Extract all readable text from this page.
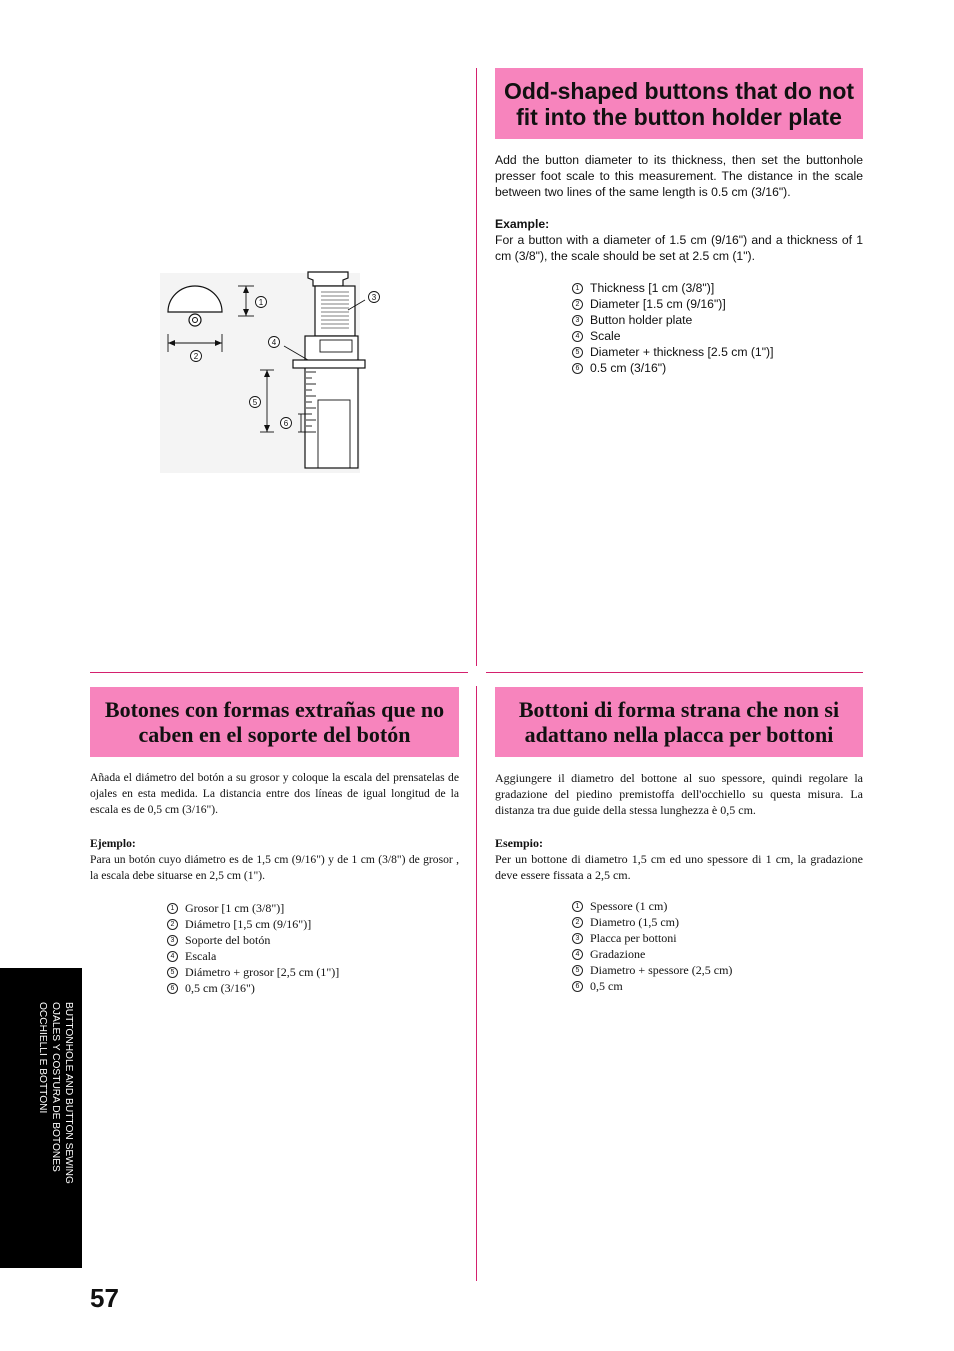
Odd-shaped buttons that do not fit into the button holder plate
Add the button diameter to its thickness, then set the buttonhole presser foot scale to this measurement. The distance in the scale between two lines of the same length is 0.5 cm (3/16").
Example:
For a button with a diameter of 1.5 cm (9/16") and a thickness of 1 cm (3/8"), the scale should be set at 2.5 cm (1").
1 Thickness [1 cm (3/8")]
2 Diameter [1.5 cm (9/16")]
3 Button holder plate
4 Scale
5 Diameter + thickness [2.5 cm (1")]
6 0.5 cm (3/16")
1
2
3
4
5
6
Botones con formas extrañas que no caben en el soporte del botón
Añada el diámetro del botón a su grosor y coloque la escala del prensatelas de ojales en esta medida. La distancia entre dos líneas de igual longitud de la escala es de 0,5 cm (3/16").
Ejemplo:
Para un botón cuyo diámetro es de 1,5 cm (9/16") y de 1 cm (3/8") de grosor , la escala debe situarse en 2,5 cm (1").
1 Grosor [1 cm (3/8")]
2 Diámetro [1,5 cm (9/16")]
3 Soporte del botón
4 Escala
5 Diámetro + grosor [2,5 cm (1")]
6 0,5 cm (3/16")
Bottoni di forma strana che non si adattano nella placca per bottoni
Aggiungere il diametro del bottone al suo spessore, quindi regolare la gradazione del piedino premistoffa dell'occhiello su questa misura. La distanza tra due guide della stessa lunghezza è 0,5 cm.
Esempio:
Per un bottone di diametro 1,5 cm ed uno spessore di 1 cm, la gradazione deve essere fissata a 2,5 cm.
1 Spessore (1 cm)
2 Diametro (1,5 cm)
3 Placca per bottoni
4 Gradazione
5 Diametro + spessore (2,5 cm)
6 0,5 cm
BUTTONHOLE AND BUTTON SEWING
OJALES Y COSTURA DE BOTONES
OCCHIELLI E BOTTONI
57
